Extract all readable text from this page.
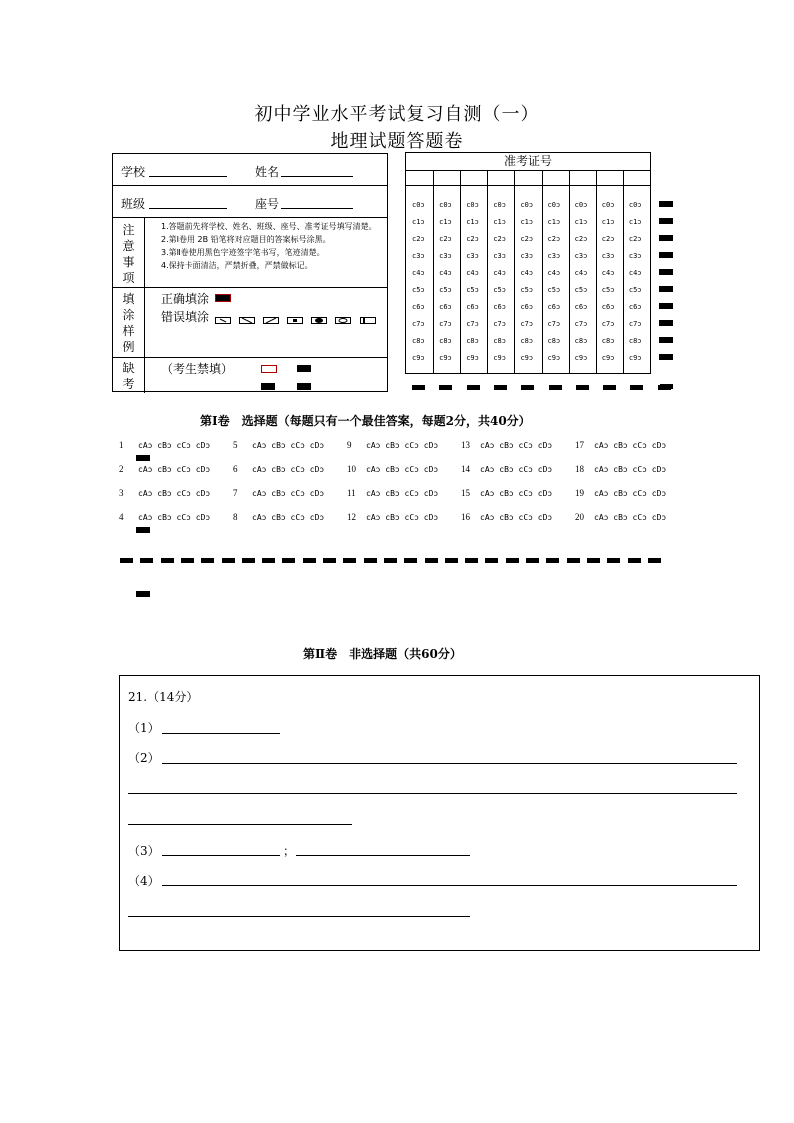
初中学业水平考试复习自测（一）
地理试题答题卷
学校	姓名
班级	座号
注
意
事
项
1.答题前先将学校、姓名、班级、座号、准考证号填写清楚。
2.第Ⅰ卷用 2B 铅笔将对应题目的答案标号涂黑。
3.第Ⅱ卷使用黑色字迹签字笔书写，笔迹清楚。
4.保持卡面清洁，严禁折叠，严禁做标记。
填
涂
样
例
正确填涂
错误填涂

缺
考
（考生禁填）
准考证号
c0ɔ c0ɔ c0ɔ c0ɔ c0ɔ c0ɔ c0ɔ c0ɔ c0ɔ
c1ɔ c1ɔ c1ɔ c1ɔ c1ɔ c1ɔ c1ɔ c1ɔ c1ɔ
c2ɔ c2ɔ c2ɔ c2ɔ c2ɔ c2ɔ c2ɔ c2ɔ c2ɔ
c3ɔ c3ɔ c3ɔ c3ɔ c3ɔ c3ɔ c3ɔ c3ɔ c3ɔ
c4ɔ c4ɔ c4ɔ c4ɔ c4ɔ c4ɔ c4ɔ c4ɔ c4ɔ
c5ɔ c5ɔ c5ɔ c5ɔ c5ɔ c5ɔ c5ɔ c5ɔ c5ɔ
c6ɔ c6ɔ c6ɔ c6ɔ c6ɔ c6ɔ c6ɔ c6ɔ c6ɔ
c7ɔ c7ɔ c7ɔ c7ɔ c7ɔ c7ɔ c7ɔ c7ɔ c7ɔ
c8ɔ c8ɔ c8ɔ c8ɔ c8ɔ c8ɔ c8ɔ c8ɔ c8ɔ
c9ɔ c9ɔ c9ɔ c9ɔ c9ɔ c9ɔ c9ɔ c9ɔ c9ɔ
第Ⅰ卷　选择题（每题只有一个最佳答案，每题2分，共40分）
1 cAɔ cBɔ cCɔ cDɔ
2 cAɔ cBɔ cCɔ cDɔ
3 cAɔ cBɔ cCɔ cDɔ
4 cAɔ cBɔ cCɔ cDɔ
5 cAɔ cBɔ cCɔ cDɔ
6 cAɔ cBɔ cCɔ cDɔ
7 cAɔ cBɔ cCɔ cDɔ
8 cAɔ cBɔ cCɔ cDɔ
9 cAɔ cBɔ cCɔ cDɔ
10 cAɔ cBɔ cCɔ cDɔ
11 cAɔ cBɔ cCɔ cDɔ
12 cAɔ cBɔ cCɔ cDɔ
13 cAɔ cBɔ cCɔ cDɔ
14 cAɔ cBɔ cCɔ cDɔ
15 cAɔ cBɔ cCɔ cDɔ
16 cAɔ cBɔ cCɔ cDɔ
17 cAɔ cBɔ cCɔ cDɔ
18 cAɔ cBɔ cCɔ cDɔ
19 cAɔ cBɔ cCɔ cDɔ
20 cAɔ cBɔ cCɔ cDɔ
第Ⅱ卷　非选择题（共60分）
21.（14分）
（1）
（2）
（3）	；
（4）
